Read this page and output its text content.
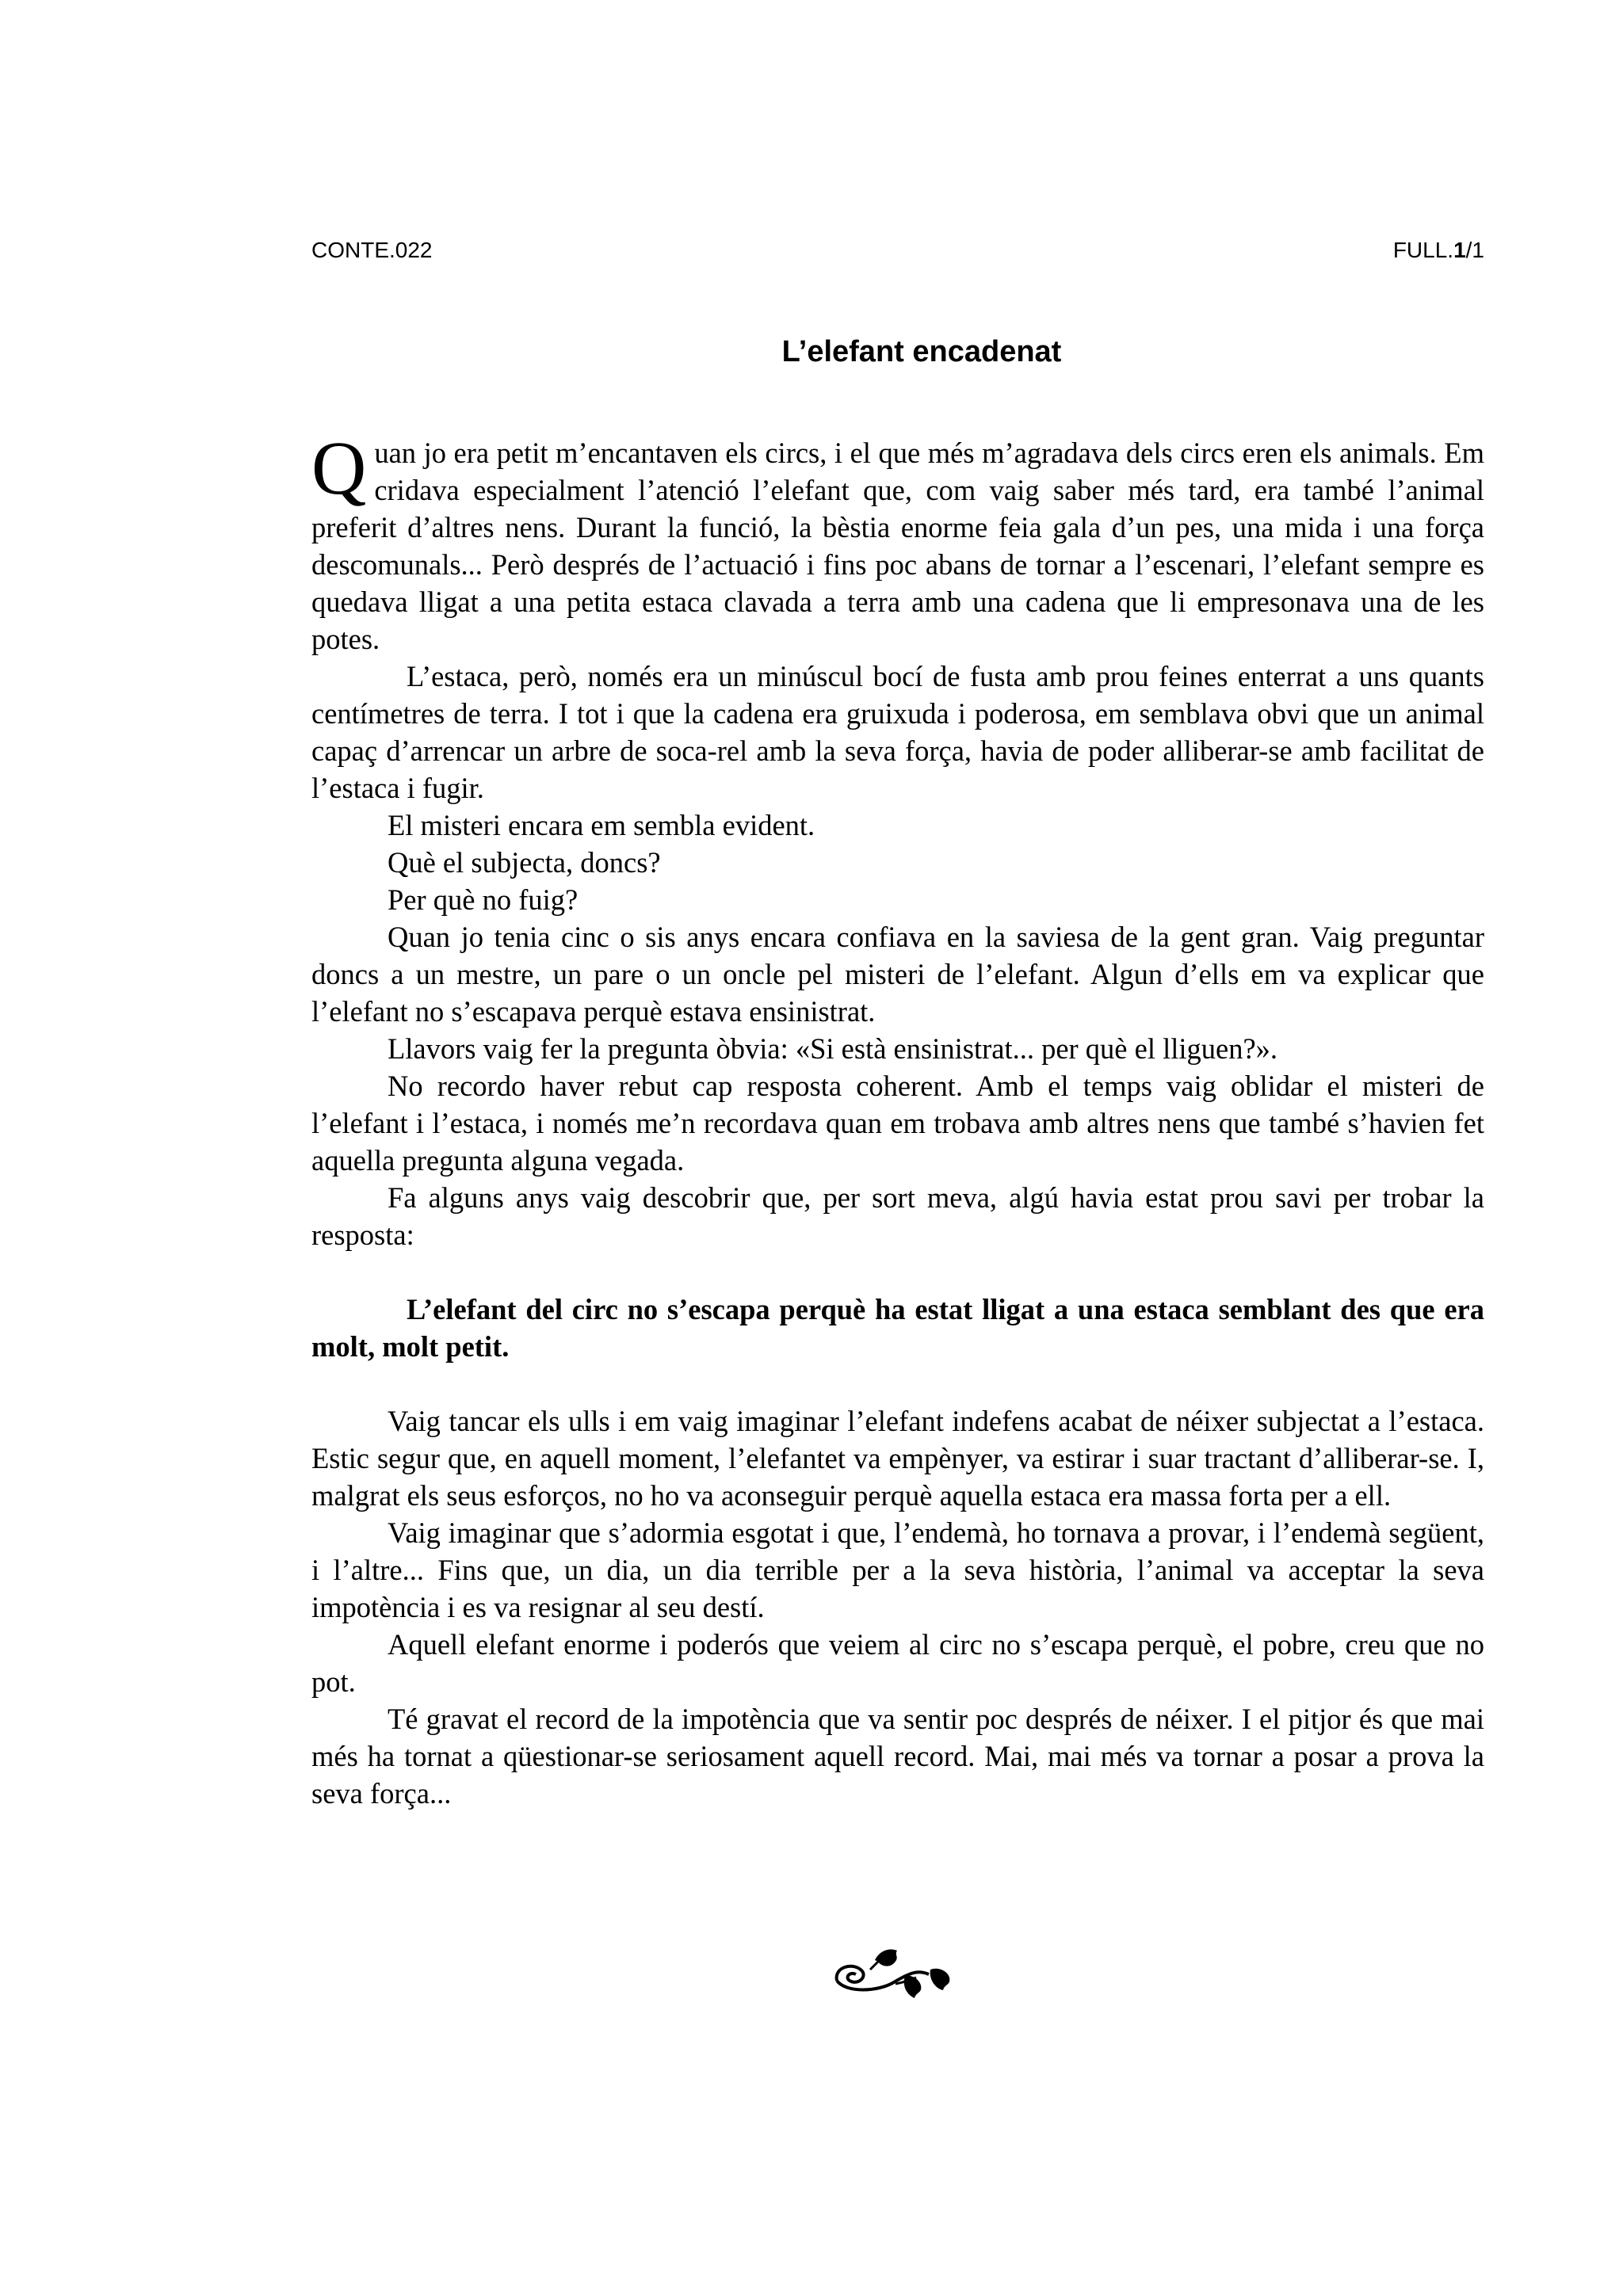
CONTE.022	FULL.1/1
L’elefant encadenat

Quan jo era petit m’encantaven els circs, i el que més m’agradava dels circs eren els animals. Em cridava especialment l’atenció l’elefant que, com vaig saber més tard, era també l’animal preferit d’altres nens. Durant la funció, la bèstia enorme feia gala d’un pes, una mida i una força descomunals... Però després de l’actuació i fins poc abans de tornar a l’escenari, l’elefant sempre es quedava lligat a una petita estaca clavada a terra amb una cadena que li empresonava una de les potes.

L’estaca, però, només era un minúscul bocí de fusta amb prou feines enterrat a uns quants centímetres de terra. I tot i que la cadena era gruixuda i poderosa, em semblava obvi que un animal capaç d’arrencar un arbre de soca-rel amb la seva força, havia de poder alliberar-se amb facilitat de l’estaca i fugir.

El misteri encara em sembla evident.

Què el subjecta, doncs?

Per què no fuig?

Quan jo tenia cinc o sis anys encara confiava en la saviesa de la gent gran. Vaig preguntar doncs a un mestre, un pare o un oncle pel misteri de l’elefant. Algun d’ells em va explicar que l’elefant no s’escapava perquè estava ensinistrat.

Llavors vaig fer la pregunta òbvia: «Si està ensinistrat... per què el lliguen?».

No recordo haver rebut cap resposta coherent. Amb el temps vaig oblidar el misteri de l’elefant i l’estaca, i només me’n recordava quan em trobava amb altres nens que també s’havien fet aquella pregunta alguna vegada.

Fa alguns anys vaig descobrir que, per sort meva, algú havia estat prou savi per trobar la resposta:

L’elefant del circ no s’escapa perquè ha estat lligat a una estaca semblant des que era molt, molt petit.

Vaig tancar els ulls i em vaig imaginar l’elefant indefens acabat de néixer subjectat a l’estaca. Estic segur que, en aquell moment, l’elefantet va empènyer, va estirar i suar tractant d’alliberar-se. I, malgrat els seus esforços, no ho va aconseguir perquè aquella estaca era massa forta per a ell.

Vaig imaginar que s’adormia esgotat i que, l’endemà, ho tornava a provar, i l’endemà següent, i l’altre... Fins que, un dia, un dia terrible per a la seva història, l’animal va acceptar la seva impotència i es va resignar al seu destí.

Aquell elefant enorme i poderós que veiem al circ no s’escapa perquè, el pobre, creu que no pot.

Té gravat el record de la impotència que va sentir poc després de néixer. I el pitjor és que mai més ha tornat a qüestionar-se seriosament aquell record. Mai, mai més va tornar a posar a prova la seva força...
